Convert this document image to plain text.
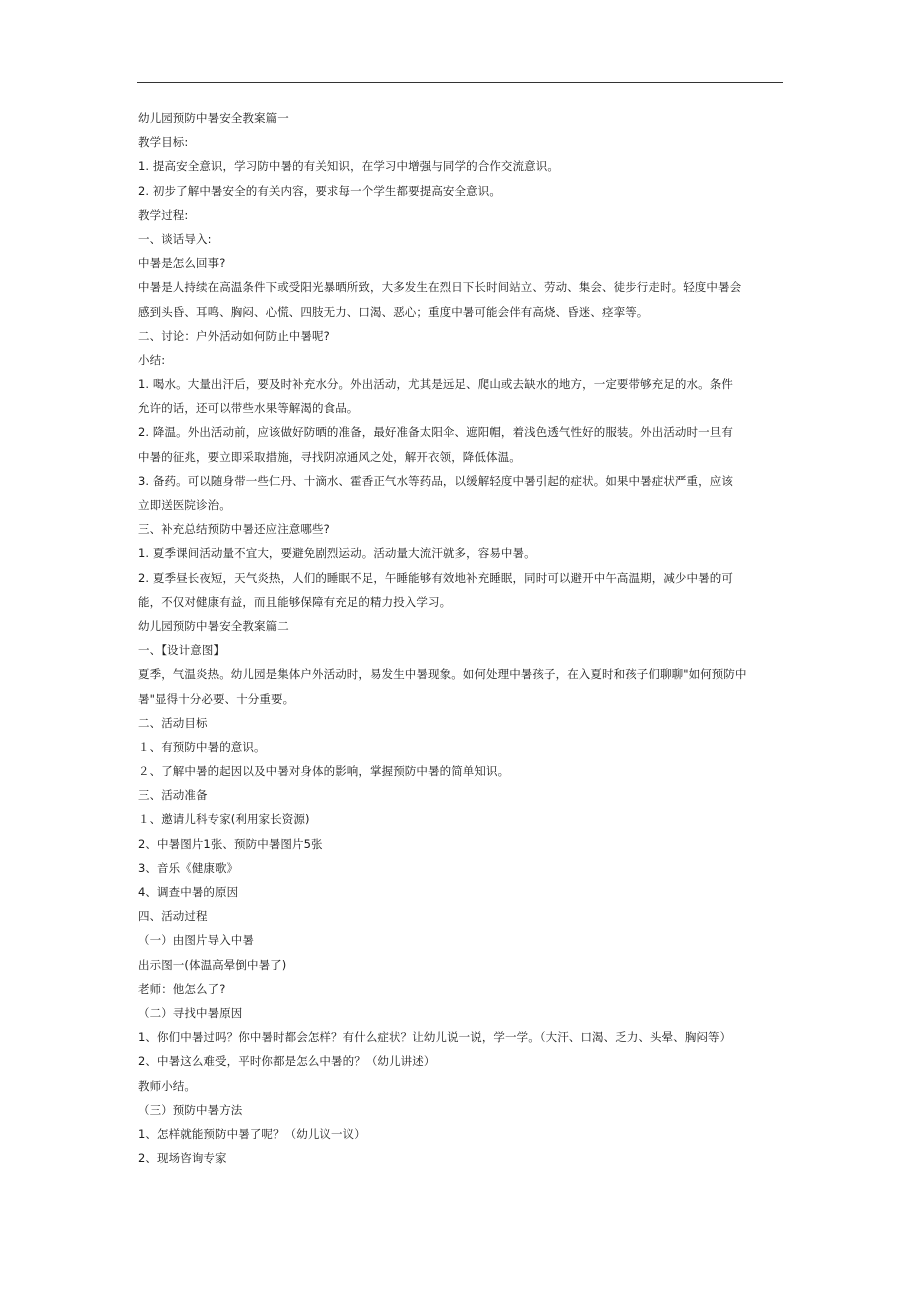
幼儿园预防中暑安全教案篇一
教学目标:
1. 提高安全意识，学习防中暑的有关知识，在学习中增强与同学的合作交流意识。
2. 初步了解中暑安全的有关内容，要求每一个学生都要提高安全意识。
教学过程:
一、谈话导入:
中暑是怎么回事?
中暑是人持续在高温条件下或受阳光暴晒所致，大多发生在烈日下长时间站立、劳动、集会、徒步行走时。轻度中暑会
感到头昏、耳鸣、胸闷、心慌、四肢无力、口渴、恶心；重度中暑可能会伴有高烧、昏迷、痉挛等。
二、讨论：户外活动如何防止中暑呢?
小结:
1. 喝水。大量出汗后，要及时补充水分。外出活动，尤其是远足、爬山或去缺水的地方，一定要带够充足的水。条件
允许的话，还可以带些水果等解渴的食品。
2. 降温。外出活动前，应该做好防晒的准备，最好准备太阳伞、遮阳帽，着浅色透气性好的服装。外出活动时一旦有
中暑的征兆，要立即采取措施，寻找阴凉通风之处，解开衣领，降低体温。
3. 备药。可以随身带一些仁丹、十滴水、霍香正气水等药品，以缓解轻度中暑引起的症状。如果中暑症状严重，应该
立即送医院诊治。
三、补充总结预防中暑还应注意哪些?
1. 夏季课间活动量不宜大，要避免剧烈运动。活动量大流汗就多，容易中暑。
2. 夏季昼长夜短，天气炎热，人们的睡眠不足，午睡能够有效地补充睡眠，同时可以避开中午高温期，减少中暑的可
能，不仅对健康有益，而且能够保障有充足的精力投入学习。
幼儿园预防中暑安全教案篇二
一、【设计意图】
夏季，气温炎热。幼儿园是集体户外活动时，易发生中暑现象。如何处理中暑孩子，在入夏时和孩子们聊聊"如何预防中
暑"显得十分必要、十分重要。
二、活动目标
１、有预防中暑的意识。
２、了解中暑的起因以及中暑对身体的影响，掌握预防中暑的简单知识。
三、活动准备
１、邀请儿科专家(利用家长资源)
2、中暑图片1张、预防中暑图片5张
3、音乐《健康歌》
4、调查中暑的原因
四、活动过程
（一）由图片导入中暑
出示图一(体温高晕倒中暑了)
老师：他怎么了?
（二）寻找中暑原因
1、你们中暑过吗？你中暑时都会怎样？有什么症状？让幼儿说一说，学一学。（大汗、口渴、乏力、头晕、胸闷等）
2、中暑这么难受，平时你都是怎么中暑的？（幼儿讲述）
教师小结。
（三）预防中暑方法
1、怎样就能预防中暑了呢？（幼儿议一议）
2、现场咨询专家
